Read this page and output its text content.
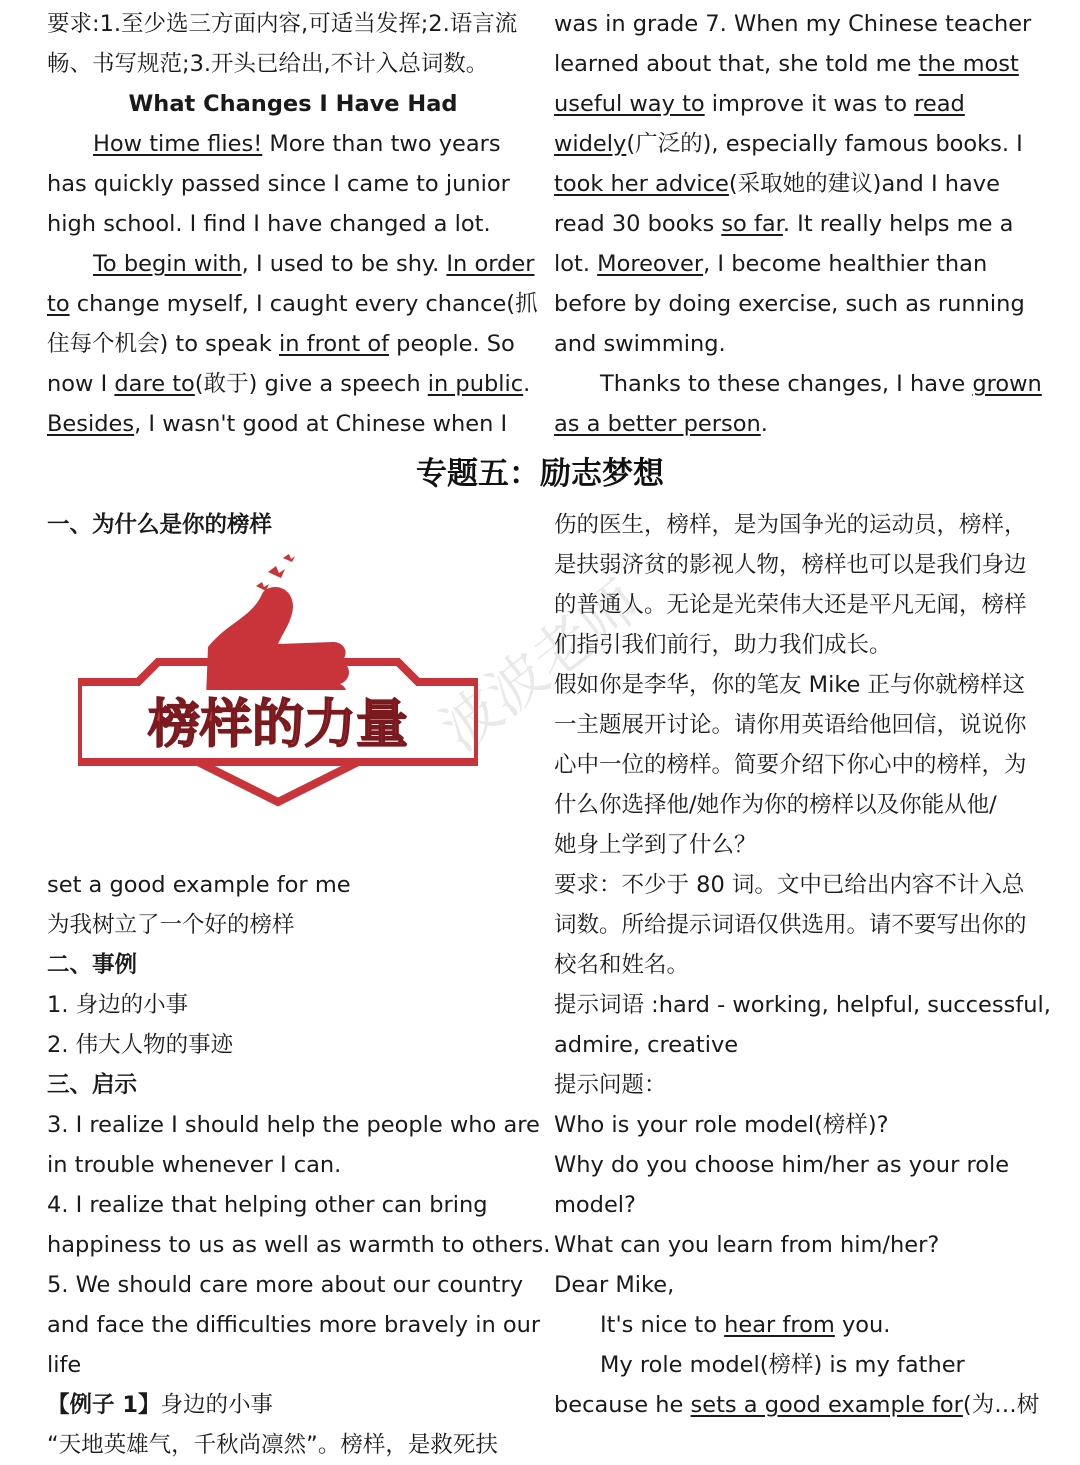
要求:1.至少选三方面内容,可适当发挥;2.语言流
畅、书写规范;3.开头已给出,不计入总词数。
What Changes I Have Had
How time flies! More than two years
has quickly passed since I came to junior
high school. I find I have changed a lot.
To begin with, I used to be shy. In order
to change myself, I caught every chance(抓
住每个机会) to speak in front of people. So
now I dare to(敢于) give a speech in public.
Besides, I wasn't good at Chinese when I
was in grade 7. When my Chinese teacher
learned about that, she told me the most
useful way to improve it was to read
widely(广泛的), especially famous books. I
took her advice(采取她的建议)and I have
read 30 books so far. It really helps me a
lot. Moreover, I become healthier than
before by doing exercise, such as running
and swimming.
Thanks to these changes, I have grown
as a better person.
专题五：励志梦想
一、为什么是你的榜样
set a good example for me
为我树立了一个好的榜样
二、事例
1. 身边的小事
2. 伟大人物的事迹
三、启示
3. I realize I should help the people who are
in trouble whenever I can.
4. I realize that helping other can bring
happiness to us as well as warmth to others.
5. We should care more about our country
and face the difficulties more bravely in our
life
【例子 1】身边的小事
“天地英雄气，千秋尚凛然”。榜样，是救死扶
榜样的力量 波波老师
伤的医生，榜样，是为国争光的运动员，榜样，
是扶弱济贫的影视人物，榜样也可以是我们身边
的普通人。无论是光荣伟大还是平凡无闻，榜样
们指引我们前行，助力我们成长。
假如你是李华，你的笔友 Mike 正与你就榜样这
一主题展开讨论。请你用英语给他回信，说说你
心中一位的榜样。简要介绍下你心中的榜样，为
什么你选择他/她作为你的榜样以及你能从他/
她身上学到了什么？
要求：不少于 80 词。文中已给出内容不计入总
词数。所给提示词语仅供选用。请不要写出你的
校名和姓名。
提示词语 :hard - working, helpful, successful,
admire, creative
提示问题：
Who is your role model(榜样)?
Why do you choose him/her as your role
model?
What can you learn from him/her?
Dear Mike,
It's nice to hear from you.
My role model(榜样) is my father
because he sets a good example for(为…树
